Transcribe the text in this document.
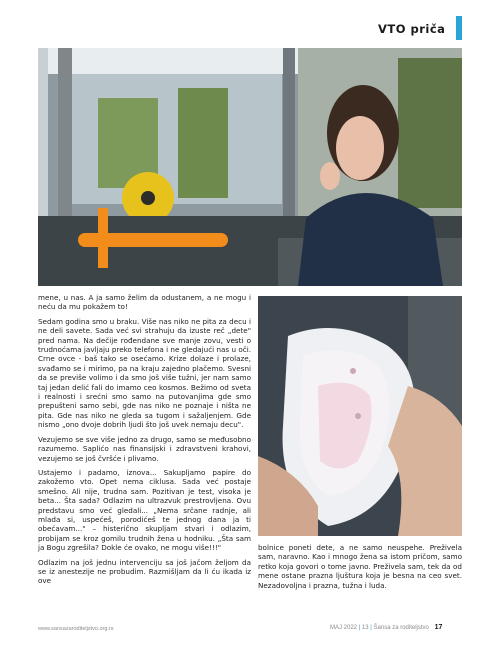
VTO priča

mene, u nas. A ja samo želim da odustanem, a ne mogu i neću da mu pokažem to!

Sedam godina smo u braku. Više nas niko ne pita za decu i ne deli savete. Sada već svi strahuju da izuste reč „dete" pred nama. Na dečije rođendane sve manje zovu, vesti o trudnoćama javljaju preko telefona i ne gledajući nas u oči. Crne ovce - baš tako se osećamo. Krize dolaze i prolaze, svađamo se i mirimo, pa na kraju zajedno plačemo. Svesni da se previše volimo i da smo još više tužni, jer nam samo taj jedan delić fali do imamo ceo kosmos. Bežimo od sveta i realnosti i srećni smo samo na putovanjima gde smo prepušteni samo sebi, gde nas niko ne poznaje i ništa ne pita. Gde nas niko ne gleda sa tugom i sažaljenjem. Gde nismo „ono dvoje dobrih ljudi što još uvek nemaju decu".

Vezujemo se sve više jedno za drugo, samo se međusobno razumemo. Saplićo nas finansijski i zdravstveni krahovi, vezujemo se još čvršće i plivamo.

Ustajemo i padamo, iznova... Sakupljamo papire do zakožemo vto. Opet nema ciklusa. Sada već postaje smešno. Ali nije, trudna sam. Pozitivan je test, visoka je beta... Šta sada? Odlazim na ultrazvuk prestrovljena. Ovu predstavu smo već gledali... „Nema srčane radnje, ali mlada si, uspećeš, porodićeš te jednog dana ja ti obećavam..." – histerično skupljam stvari i odlazim, probijam se kroz gomilu trudnih žena u hodniku. „Šta sam ja Bogu zgrešila? Dokle će ovako, ne mogu više!!!"

Odlazim na još jednu intervenciju sa još jačom željom da se iz anestezije ne probudim. Razmišljam da li ću ikada iz ove

bolnice poneti dete, a ne samo neuspehe. Preživela sam, naravno. Kao i mnogo žena sa istom pričom, samo retko koja govori o tome javno. Preživela sam, tek da od mene ostane prazna ljuštura koja je besna na ceo svet. Nezadovoljna i prazna, tužna i luda.

www.sansazaroditeljstvo.org.rs	MAJ 2022 | 13 | Šansa za roditeljstvo 17
